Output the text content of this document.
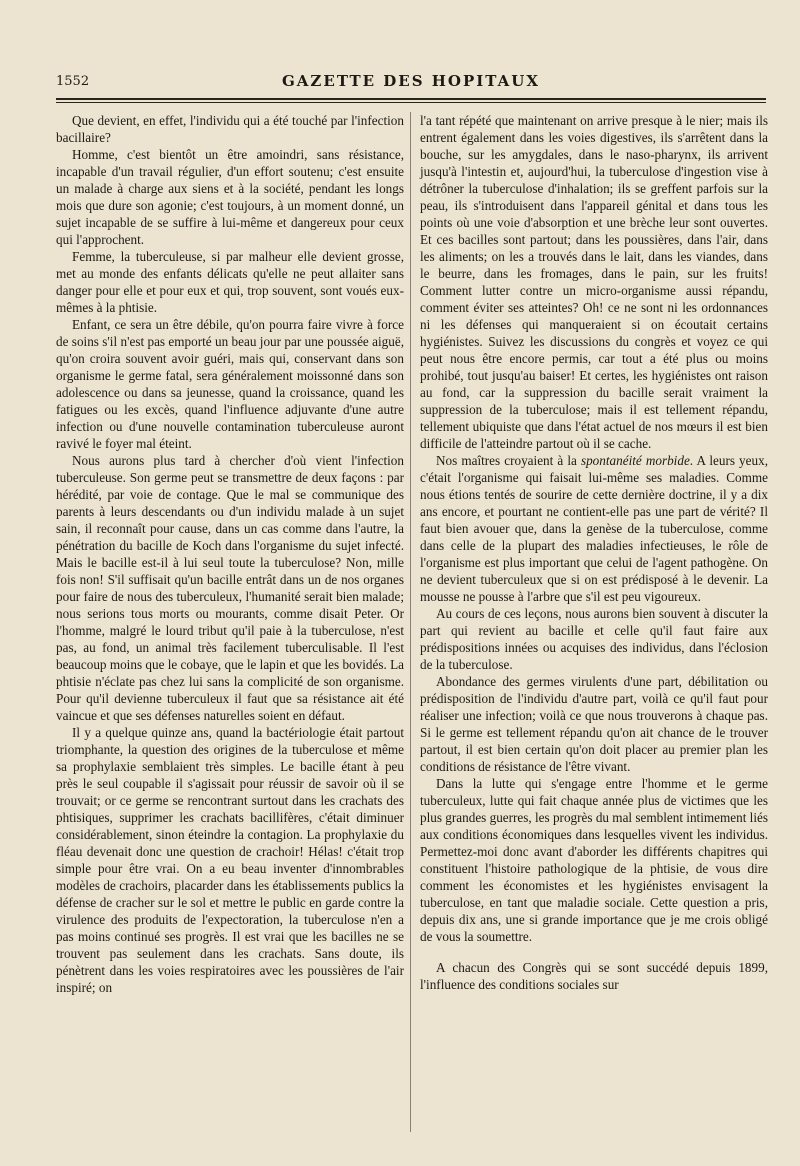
1552	GAZETTE DES HOPITAUX

Que devient, en effet, l'individu qui a été touché par l'infection bacillaire?

Homme, c'est bientôt un être amoindri, sans résistance, incapable d'un travail régulier, d'un effort soutenu; c'est ensuite un malade à charge aux siens et à la société, pendant les longs mois que dure son agonie; c'est toujours, à un moment donné, un sujet incapable de se suffire à lui-même et dangereux pour ceux qui l'approchent.

Femme, la tuberculeuse, si par malheur elle devient grosse, met au monde des enfants délicats qu'elle ne peut allaiter sans danger pour elle et pour eux et qui, trop souvent, sont voués eux-mêmes à la phtisie.

Enfant, ce sera un être débile, qu'on pourra faire vivre à force de soins s'il n'est pas emporté un beau jour par une poussée aiguë, qu'on croira souvent avoir guéri, mais qui, conservant dans son organisme le germe fatal, sera généralement moissonné dans son adolescence ou dans sa jeunesse, quand la croissance, quand les fatigues ou les excès, quand l'influence adjuvante d'une autre infection ou d'une nouvelle contamination tuberculeuse auront ravivé le foyer mal éteint.

Nous aurons plus tard à chercher d'où vient l'infection tuberculeuse. Son germe peut se transmettre de deux façons : par hérédité, par voie de contage. Que le mal se communique des parents à leurs descendants ou d'un individu malade à un sujet sain, il reconnaît pour cause, dans un cas comme dans l'autre, la pénétration du bacille de Koch dans l'organisme du sujet infecté. Mais le bacille est-il à lui seul toute la tuberculose? Non, mille fois non! S'il suffisait qu'un bacille entrât dans un de nos organes pour faire de nous des tuberculeux, l'humanité serait bien malade; nous serions tous morts ou mourants, comme disait Peter. Or l'homme, malgré le lourd tribut qu'il paie à la tuberculose, n'est pas, au fond, un animal très facilement tuberculisable. Il l'est beaucoup moins que le cobaye, que le lapin et que les bovidés. La phtisie n'éclate pas chez lui sans la complicité de son organisme. Pour qu'il devienne tuberculeux il faut que sa résistance ait été vaincue et que ses défenses naturelles soient en défaut.

Il y a quelque quinze ans, quand la bactériologie était partout triomphante, la question des origines de la tuberculose et même sa prophylaxie semblaient très simples. Le bacille étant à peu près le seul coupable il s'agissait pour réussir de savoir où il se trouvait; or ce germe se rencontrant surtout dans les crachats des phtisiques, supprimer les crachats bacillifères, c'était diminuer considérablement, sinon éteindre la contagion. La prophylaxie du fléau devenait donc une question de crachoir! Hélas! c'était trop simple pour être vrai. On a eu beau inventer d'innombrables modèles de crachoirs, placarder dans les établissements publics la défense de cracher sur le sol et mettre le public en garde contre la virulence des produits de l'expectoration, la tuberculose n'en a pas moins continué ses progrès. Il est vrai que les bacilles ne se trouvent pas seulement dans les crachats. Sans doute, ils pénètrent dans les voies respiratoires avec les poussières de l'air inspiré; on

l'a tant répété que maintenant on arrive presque à le nier; mais ils entrent également dans les voies digestives, ils s'arrêtent dans la bouche, sur les amygdales, dans le naso-pharynx, ils arrivent jusqu'à l'intestin et, aujourd'hui, la tuberculose d'ingestion vise à détrôner la tuberculose d'inhalation; ils se greffent parfois sur la peau, ils s'introduisent dans l'appareil génital et dans tous les points où une voie d'absorption et une brèche leur sont ouvertes. Et ces bacilles sont partout; dans les poussières, dans l'air, dans les aliments; on les a trouvés dans le lait, dans les viandes, dans le beurre, dans les fromages, dans le pain, sur les fruits! Comment lutter contre un micro-organisme aussi répandu, comment éviter ses atteintes? Oh! ce ne sont ni les ordonnances ni les défenses qui manqueraient si on écoutait certains hygiénistes. Suivez les discussions du congrès et voyez ce qui peut nous être encore permis, car tout a été plus ou moins prohibé, tout jusqu'au baiser! Et certes, les hygiénistes ont raison au fond, car la suppression du bacille serait vraiment la suppression de la tuberculose; mais il est tellement répandu, tellement ubiquiste que dans l'état actuel de nos mœurs il est bien difficile de l'atteindre partout où il se cache.

Nos maîtres croyaient à la spontanéité morbide. A leurs yeux, c'était l'organisme qui faisait lui-même ses maladies. Comme nous étions tentés de sourire de cette dernière doctrine, il y a dix ans encore, et pourtant ne contient-elle pas une part de vérité? Il faut bien avouer que, dans la genèse de la tuberculose, comme dans celle de la plupart des maladies infectieuses, le rôle de l'organisme est plus important que celui de l'agent pathogène. On ne devient tuberculeux que si on est prédisposé à le devenir. La mousse ne pousse à l'arbre que s'il est peu vigoureux.

Au cours de ces leçons, nous aurons bien souvent à discuter la part qui revient au bacille et celle qu'il faut faire aux prédispositions innées ou acquises des individus, dans l'éclosion de la tuberculose.

Abondance des germes virulents d'une part, débilitation ou prédisposition de l'individu d'autre part, voilà ce qu'il faut pour réaliser une infection; voilà ce que nous trouverons à chaque pas. Si le germe est tellement répandu qu'on ait chance de le trouver partout, il est bien certain qu'on doit placer au premier plan les conditions de résistance de l'être vivant.

Dans la lutte qui s'engage entre l'homme et le germe tuberculeux, lutte qui fait chaque année plus de victimes que les plus grandes guerres, les progrès du mal semblent intimement liés aux conditions économiques dans lesquelles vivent les individus. Permettez-moi donc avant d'aborder les différents chapitres qui constituent l'histoire pathologique de la phtisie, de vous dire comment les économistes et les hygiénistes envisagent la tuberculose, en tant que maladie sociale. Cette question a pris, depuis dix ans, une si grande importance que je me crois obligé de vous la soumettre.

A chacun des Congrès qui se sont succédé depuis 1899, l'influence des conditions sociales sur
